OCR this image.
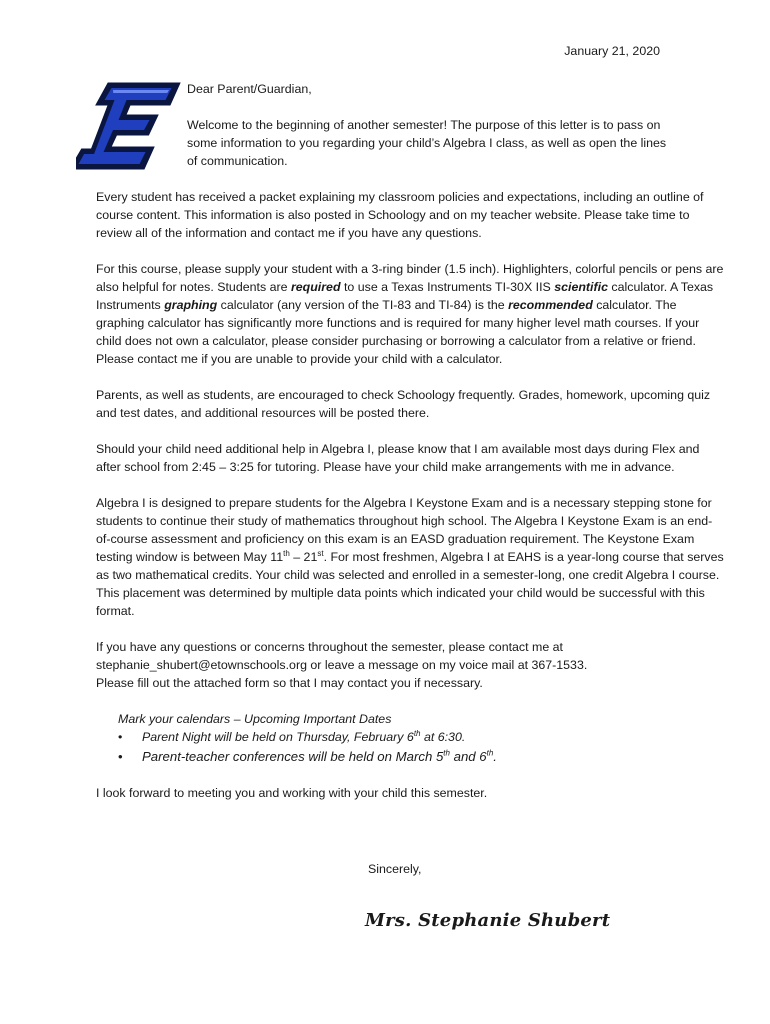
January 21, 2020

Dear Parent/Guardian,

Welcome to the beginning of another semester! The purpose of this letter is to pass on some information to you regarding your child’s Algebra I class, as well as open the lines of communication.

Every student has received a packet explaining my classroom policies and expectations, including an outline of course content. This information is also posted in Schoology and on my teacher website. Please take time to review all of the information and contact me if you have any questions.

For this course, please supply your student with a 3-ring binder (1.5 inch). Highlighters, colorful pencils or pens are also helpful for notes. Students are required to use a Texas Instruments TI-30X IIS scientific calculator. A Texas Instruments graphing calculator (any version of the TI-83 and TI-84) is the recommended calculator. The graphing calculator has significantly more functions and is required for many higher level math courses. If your child does not own a calculator, please consider purchasing or borrowing a calculator from a relative or friend. Please contact me if you are unable to provide your child with a calculator.

Parents, as well as students, are encouraged to check Schoology frequently. Grades, homework, upcoming quiz and test dates, and additional resources will be posted there.

Should your child need additional help in Algebra I, please know that I am available most days during Flex and after school from 2:45 – 3:25 for tutoring. Please have your child make arrangements with me in advance.

Algebra I is designed to prepare students for the Algebra I Keystone Exam and is a necessary stepping stone for students to continue their study of mathematics throughout high school. The Algebra I Keystone Exam is an end-of-course assessment and proficiency on this exam is an EASD graduation requirement. The Keystone Exam testing window is between May 11th – 21st. For most freshmen, Algebra I at EAHS is a year-long course that serves as two mathematical credits. Your child was selected and enrolled in a semester-long, one credit Algebra I course. This placement was determined by multiple data points which indicated your child would be successful with this format.

If you have any questions or concerns throughout the semester, please contact me at
stephanie_shubert@etownschools.org or leave a message on my voice mail at 367-1533.
Please fill out the attached form so that I may contact you if necessary.

Mark your calendars – Upcoming Important Dates
• Parent Night will be held on Thursday, February 6th at 6:30.
• Parent-teacher conferences will be held on March 5th and 6th.

I look forward to meeting you and working with your child this semester.

Sincerely,
Mrs. Stephanie Shubert
